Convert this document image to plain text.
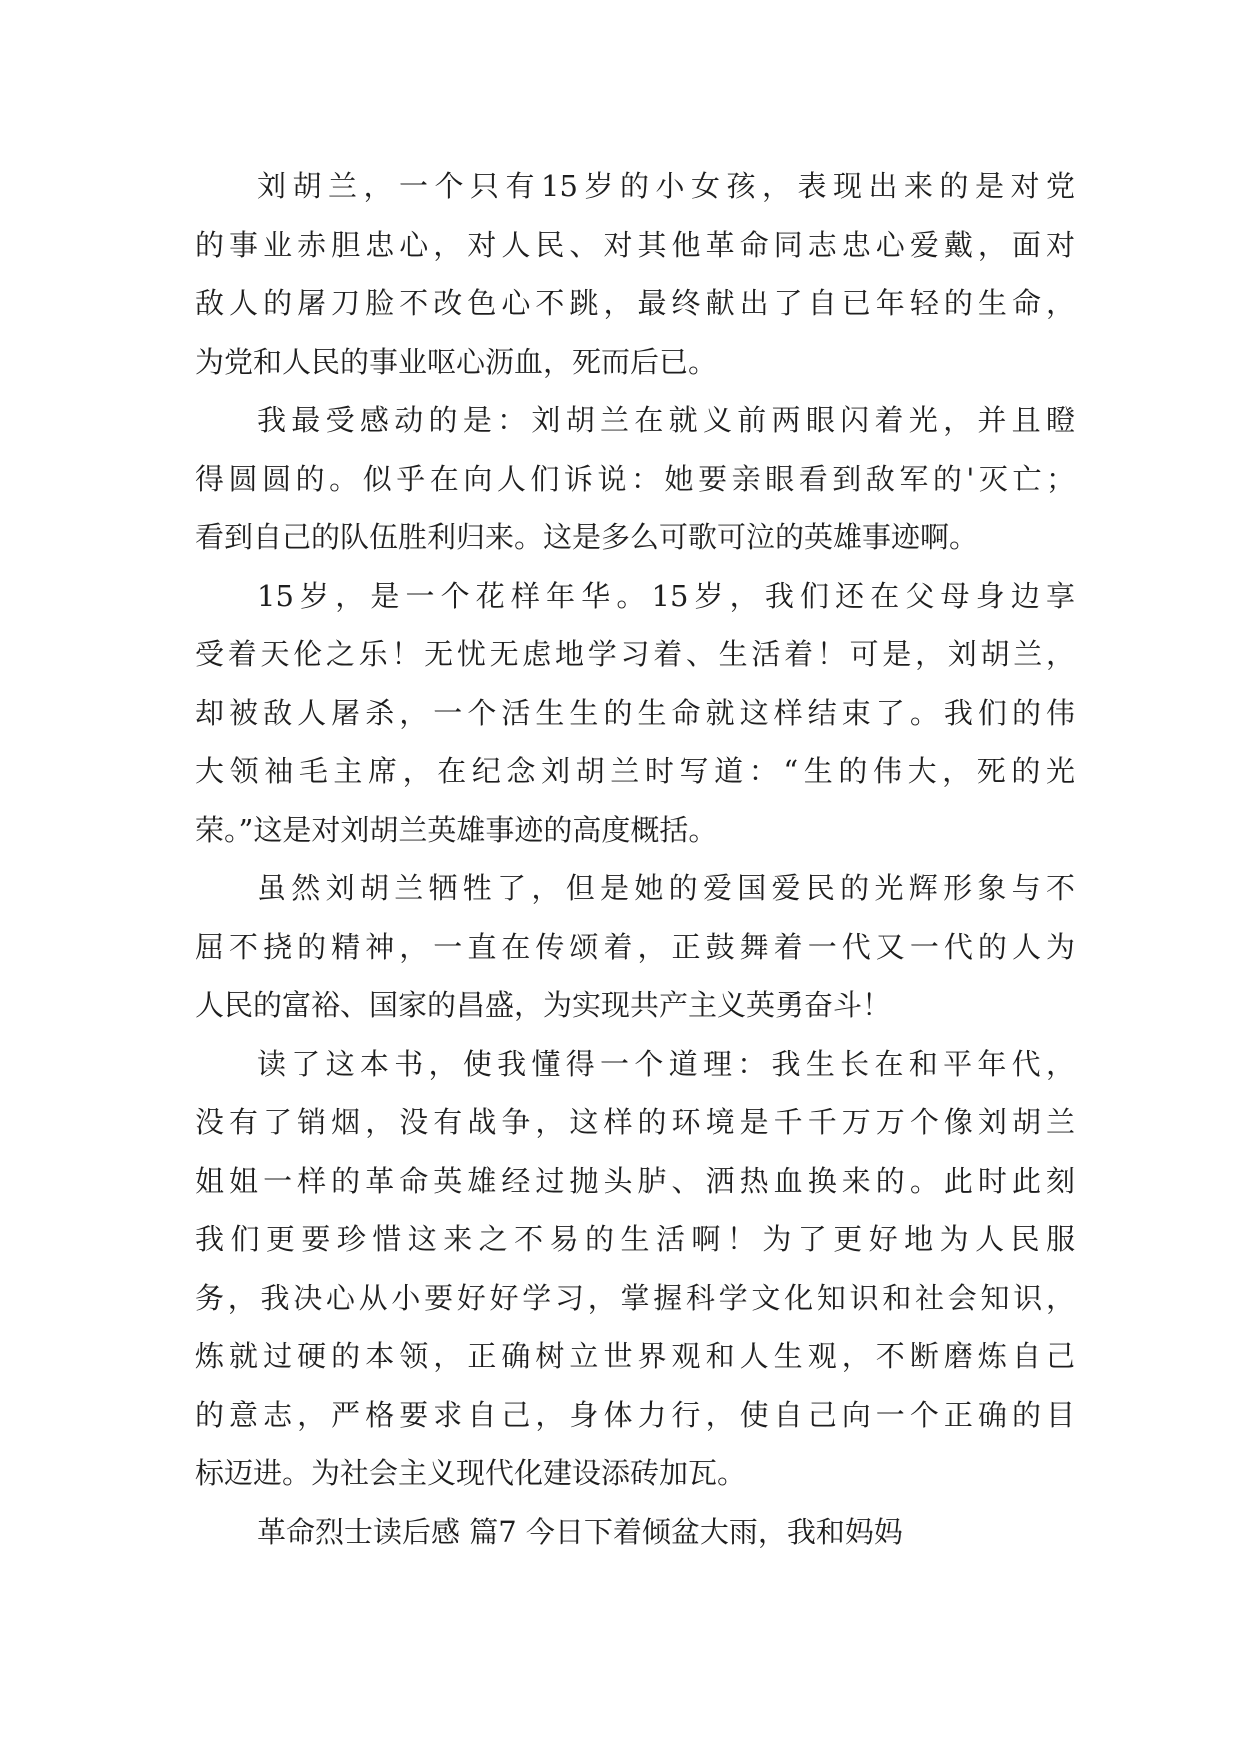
刘胡兰，一个只有15岁的小女孩，表现出来的是对党
的事业赤胆忠心，对人民、对其他革命同志忠心爱戴，面对
敌人的屠刀脸不改色心不跳，最终献出了自已年轻的生命，
为党和人民的事业呕心沥血，死而后已。
我最受感动的是：刘胡兰在就义前两眼闪着光，并且瞪
得圆圆的。似乎在向人们诉说：她要亲眼看到敌军的'灭亡；
看到自己的队伍胜利归来。这是多么可歌可泣的英雄事迹啊。
15岁，是一个花样年华。15岁，我们还在父母身边享
受着天伦之乐！无忧无虑地学习着、生活着！可是，刘胡兰，
却被敌人屠杀，一个活生生的生命就这样结束了。我们的伟
大领袖毛主席，在纪念刘胡兰时写道：“生的伟大，死的光
荣。”这是对刘胡兰英雄事迹的高度概括。
虽然刘胡兰牺牲了，但是她的爱国爱民的光辉形象与不
屈不挠的精神，一直在传颂着，正鼓舞着一代又一代的人为
人民的富裕、国家的昌盛，为实现共产主义英勇奋斗！
读了这本书，使我懂得一个道理：我生长在和平年代，
没有了销烟，没有战争，这样的环境是千千万万个像刘胡兰
姐姐一样的革命英雄经过抛头胪、洒热血换来的。此时此刻
我们更要珍惜这来之不易的生活啊！为了更好地为人民服
务，我决心从小要好好学习，掌握科学文化知识和社会知识，
炼就过硬的本领，正确树立世界观和人生观，不断磨炼自己
的意志，严格要求自己，身体力行，使自己向一个正确的目
标迈进。为社会主义现代化建设添砖加瓦。
革命烈士读后感 篇7 今日下着倾盆大雨，我和妈妈
